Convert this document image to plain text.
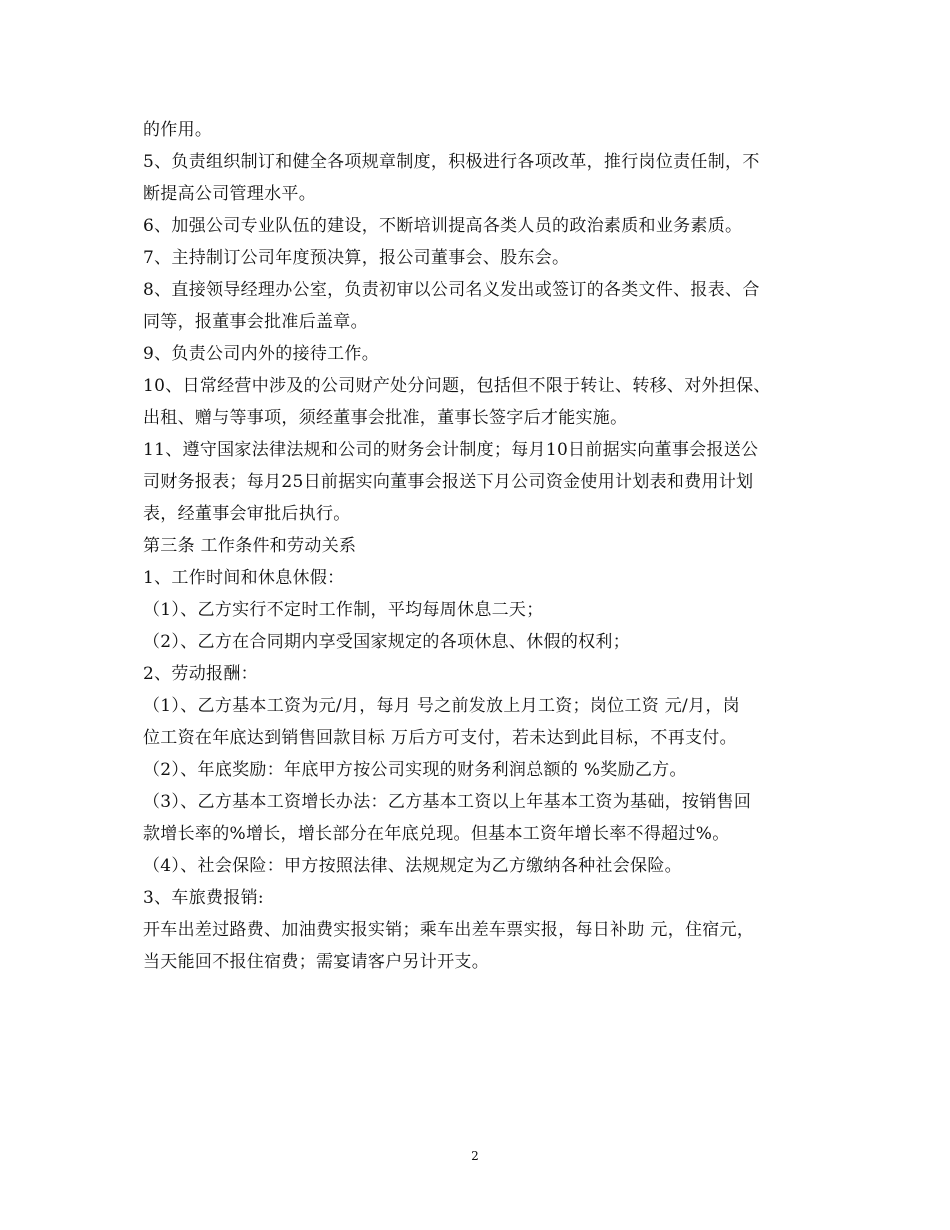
的作用。
5、负责组织制订和健全各项规章制度，积极进行各项改革，推行岗位责任制，不
断提高公司管理水平。
6、加强公司专业队伍的建设，不断培训提高各类人员的政治素质和业务素质。
7、主持制订公司年度预决算，报公司董事会、股东会。
8、直接领导经理办公室，负责初审以公司名义发出或签订的各类文件、报表、合
同等，报董事会批准后盖章。
9、负责公司内外的接待工作。
10、日常经营中涉及的公司财产处分问题，包括但不限于转让、转移、对外担保、
出租、赠与等事项，须经董事会批准，董事长签字后才能实施。
11、遵守国家法律法规和公司的财务会计制度；每月10日前据实向董事会报送公
司财务报表；每月25日前据实向董事会报送下月公司资金使用计划表和费用计划
表，经董事会审批后执行。
第三条 工作条件和劳动关系
1、工作时间和休息休假：
（1）、乙方实行不定时工作制，平均每周休息二天；
（2）、乙方在合同期内享受国家规定的各项休息、休假的权利；
2、劳动报酬：
（1）、乙方基本工资为元/月，每月 号之前发放上月工资；岗位工资 元/月，岗
位工资在年底达到销售回款目标 万后方可支付，若未达到此目标，不再支付。
（2）、年底奖励：年底甲方按公司实现的财务利润总额的 %奖励乙方。
（3）、乙方基本工资增长办法：乙方基本工资以上年基本工资为基础，按销售回
款增长率的%增长，增长部分在年底兑现。但基本工资年增长率不得超过%。
（4）、社会保险：甲方按照法律、法规规定为乙方缴纳各种社会保险。
3、车旅费报销:
开车出差过路费、加油费实报实销；乘车出差车票实报，每日补助 元，住宿元，
当天能回不报住宿费；需宴请客户另计开支。
2
